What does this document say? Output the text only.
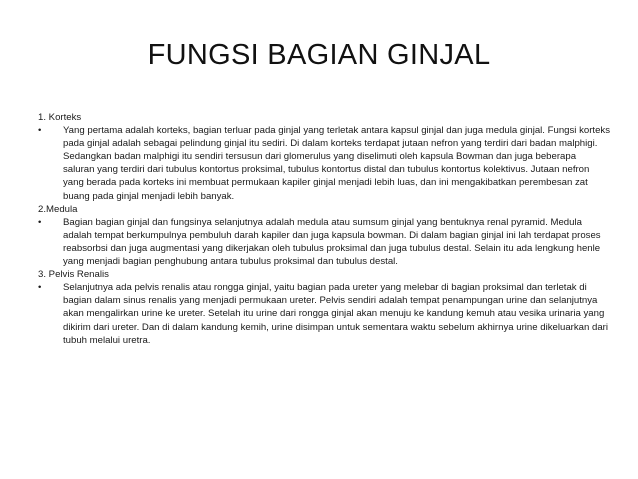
FUNGSI BAGIAN GINJAL
1. Korteks
•	Yang pertama adalah korteks, bagian terluar pada ginjal yang terletak antara kapsul ginjal dan juga medula ginjal. Fungsi korteks pada ginjal adalah sebagai pelindung ginjal itu sediri. Di dalam korteks terdapat jutaan nefron yang terdiri dari badan malphigi. Sedangkan badan malphigi itu sendiri tersusun dari glomerulus yang diselimuti oleh kapsula Bowman dan juga beberapa saluran yang terdiri dari tubulus kontortus proksimal, tubulus kontortus distal dan tubulus kontortus kolektivus. Jutaan nefron yang berada pada korteks ini membuat permukaan kapiler ginjal menjadi lebih luas, dan ini mengakibatkan perembesan zat buang pada ginjal menjadi lebih banyak.
2.Medula
•	Bagian bagian ginjal dan fungsinya selanjutnya adalah medula atau sumsum ginjal yang bentuknya renal pyramid. Medula adalah tempat berkumpulnya pembuluh darah kapiler dan juga kapsula bowman. Di dalam bagian ginjal ini lah terdapat proses reabsorbsi dan juga augmentasi yang dikerjakan oleh tubulus proksimal dan juga tubulus destal. Selain itu ada lengkung henle yang menjadi bagian penghubung antara tubulus proksimal dan tubulus destal.
3. Pelvis Renalis
•	Selanjutnya ada pelvis renalis atau rongga ginjal, yaitu bagian pada ureter yang melebar di bagian proksimal dan terletak di bagian dalam sinus renalis yang menjadi permukaan ureter. Pelvis sendiri adalah tempat penampungan urine dan selanjutnya akan mengalirkan urine ke ureter. Setelah itu urine dari rongga ginjal akan menuju ke kandung kemuh atau vesika urinaria yang dikirim dari ureter. Dan di dalam kandung kemih, urine disimpan untuk sementara waktu sebelum akhirnya urine dikeluarkan dari tubuh melalui uretra.
